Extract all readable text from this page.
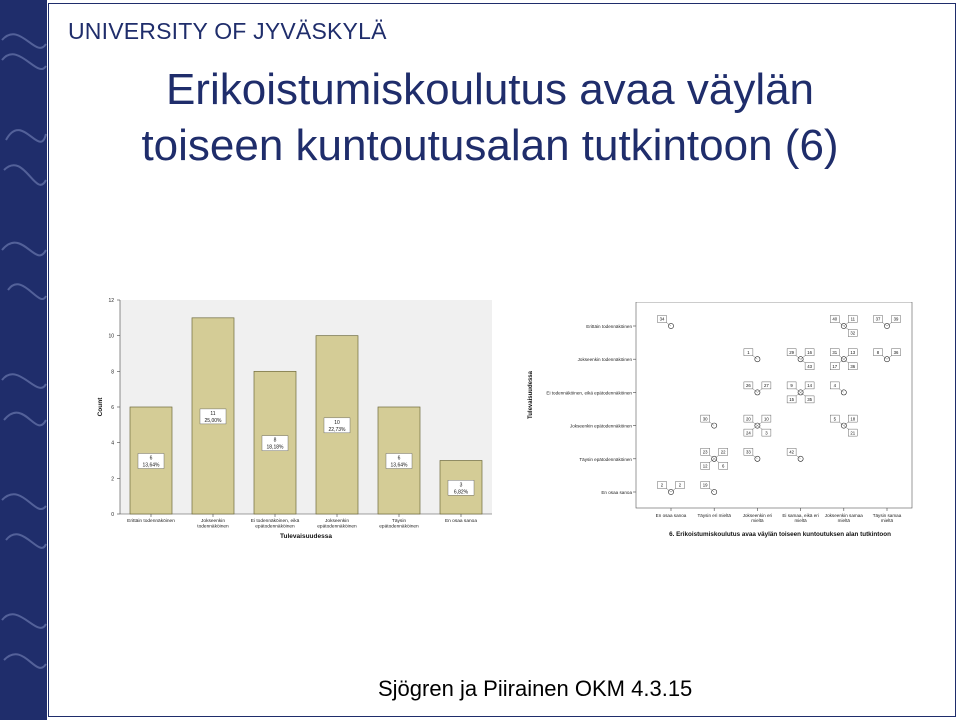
UNIVERSITY OF JYVÄSKYLÄ
Erikoistumiskoulutus avaa väylän
toiseen kuntoutusalan tutkintoon (6)
0
2
4
6
8
10
12
Count
6
13,64%
Erittäin todennäköinen
11
25,00%
Jokseenkin
todennäköinen
8
18,18%
Ei todennäköinen, eikä
epätodennäköinen
10
22,73%
Jokseenkin
epätodennäköinen
6
13,64%
Täysin
epätodennäköinen
3
6,82%
En osaa sanoa
Tulevaisuudessa
Erittäin todennäköinen
Jokseenkin todennäköinen
Ei todennäköinen, eikä epätodennäköinen
Jokseenkin epätodennäköinen
Täysin epätodennäköinen
En osaa sanoa
En osaa sanoa Täysin eri mieltä	Jokseenkin eri
mieltä
Ei samaa, eikä eri
mieltä
Jokseenkin samaa
mieltä
Täysin samaa
mieltä
Tulevaisuudessa
6. Erikoistumiskoulutus avaa väylän toiseen kuntoutuksen alan tutkintoon
34	40	11
32
37	39
1	29	16
43
31	13
36
17
8	36
26	27	9	14
35
15
4
30	20	10
3
24
5	18
21
23	22
6
12
33	42
2	2	19
Sjögren ja Piirainen OKM 4.3.15
